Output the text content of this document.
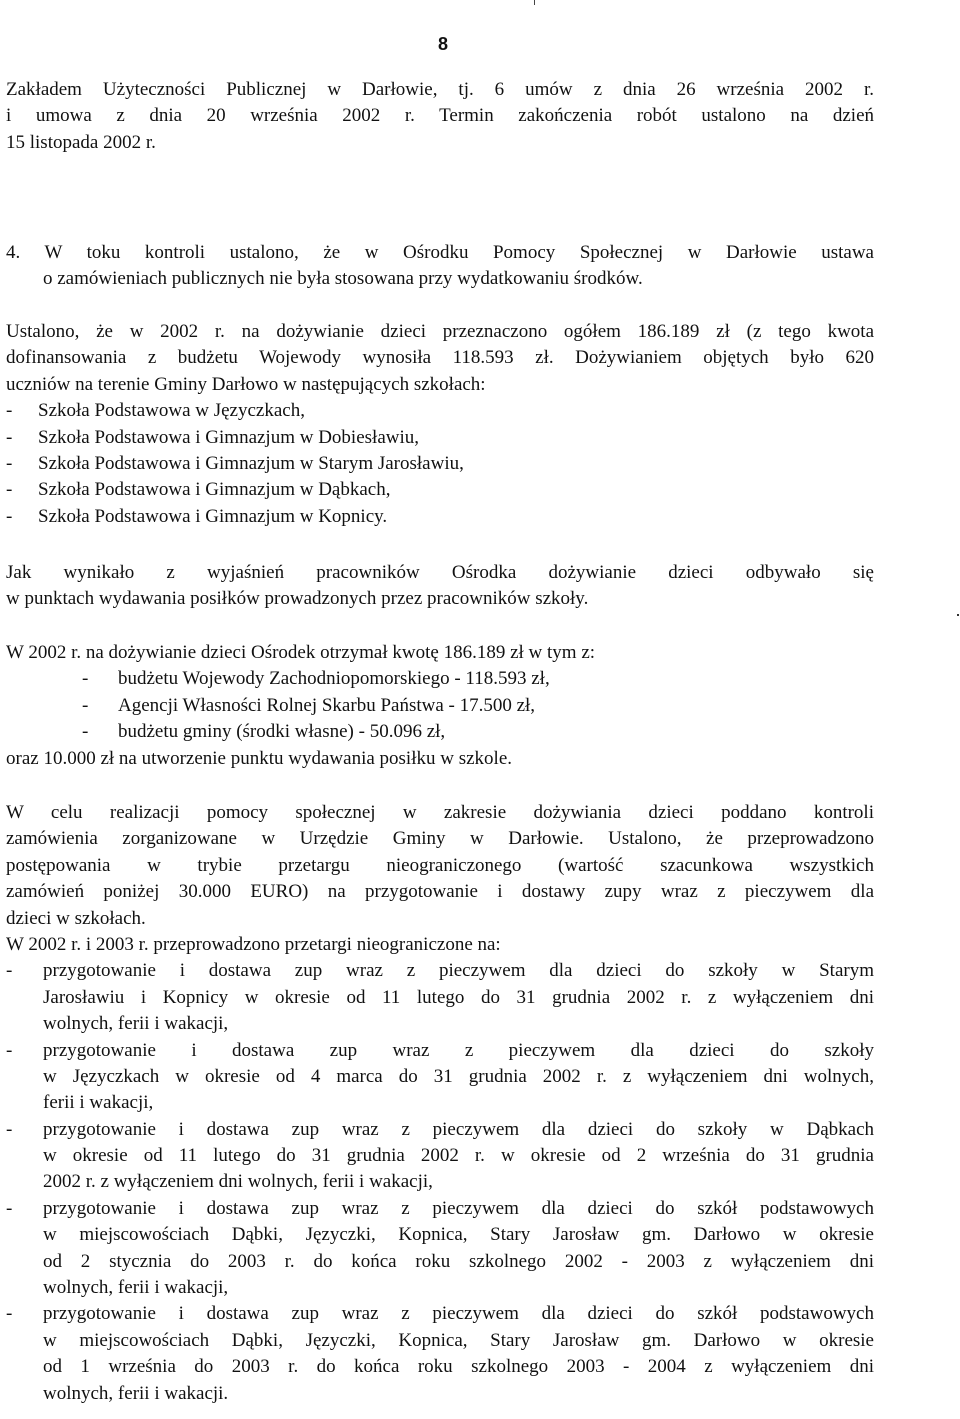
8
Zakładem Użyteczności Publicznej w Darłowie, tj. 6 umów z dnia 26 września 2002 r.
i umowa z dnia 20 września 2002 r. Termin zakończenia robót ustalono na dzień
15 listopada 2002 r.
4. W toku kontroli ustalono, że w Ośrodku Pomocy Społecznej w Darłowie ustawa
o zamówieniach publicznych nie była stosowana przy wydatkowaniu środków.
Ustalono, że w 2002 r. na dożywianie dzieci przeznaczono ogółem 186.189 zł (z tego kwota
dofinansowania z budżetu Wojewody wynosiła 118.593 zł. Dożywianiem objętych było 620
uczniów na terenie Gminy Darłowo w następujących szkołach:
- Szkoła Podstawowa w Języczkach,
- Szkoła Podstawowa i Gimnazjum w Dobiesławiu,
- Szkoła Podstawowa i Gimnazjum w Starym Jarosławiu,
- Szkoła Podstawowa i Gimnazjum w Dąbkach,
- Szkoła Podstawowa i Gimnazjum w Kopnicy.
Jak wynikało z wyjaśnień pracowników Ośrodka dożywianie dzieci odbywało się
w punktach wydawania posiłków prowadzonych przez pracowników szkoły.
W 2002 r. na dożywianie dzieci Ośrodek otrzymał kwotę 186.189 zł w tym z:
- budżetu Wojewody Zachodniopomorskiego - 118.593 zł,
- Agencji Własności Rolnej Skarbu Państwa - 17.500 zł,
- budżetu gminy (środki własne) - 50.096 zł,
oraz 10.000 zł na utworzenie punktu wydawania posiłku w szkole.
W celu realizacji pomocy społecznej w zakresie dożywiania dzieci poddano kontroli
zamówienia zorganizowane w Urzędzie Gminy w Darłowie. Ustalono, że przeprowadzono
postępowania w trybie przetargu nieograniczonego (wartość szacunkowa wszystkich
zamówień poniżej 30.000 EURO) na przygotowanie i dostawy zupy wraz z pieczywem dla
dzieci w szkołach.
W 2002 r. i 2003 r. przeprowadzono przetargi nieograniczone na:
-	przygotowanie i dostawa zup wraz z pieczywem dla dzieci do szkoły w Starym
Jarosławiu i Kopnicy w okresie od 11 lutego do 31 grudnia 2002 r. z wyłączeniem dni
wolnych, ferii i wakacji,
-	przygotowanie i dostawa zup wraz z pieczywem dla dzieci do szkoły
w Języczkach w okresie od 4 marca do 31 grudnia 2002 r. z wyłączeniem dni wolnych,
ferii i wakacji,
-	przygotowanie i dostawa zup wraz z pieczywem dla dzieci do szkoły w Dąbkach
w okresie od 11 lutego do 31 grudnia 2002 r. w okresie od 2 września do 31 grudnia
2002 r. z wyłączeniem dni wolnych, ferii i wakacji,
-	przygotowanie i dostawa zup wraz z pieczywem dla dzieci do szkół podstawowych
w miejscowościach Dąbki, Języczki, Kopnica, Stary Jarosław gm. Darłowo w okresie
od 2 stycznia do 2003 r. do końca roku szkolnego 2002 - 2003 z wyłączeniem dni
wolnych, ferii i wakacji,
-	przygotowanie i dostawa zup wraz z pieczywem dla dzieci do szkół podstawowych
w miejscowościach Dąbki, Języczki, Kopnica, Stary Jarosław gm. Darłowo w okresie
od 1 września do 2003 r. do końca roku szkolnego 2003 - 2004 z wyłączeniem dni
wolnych, ferii i wakacji.
